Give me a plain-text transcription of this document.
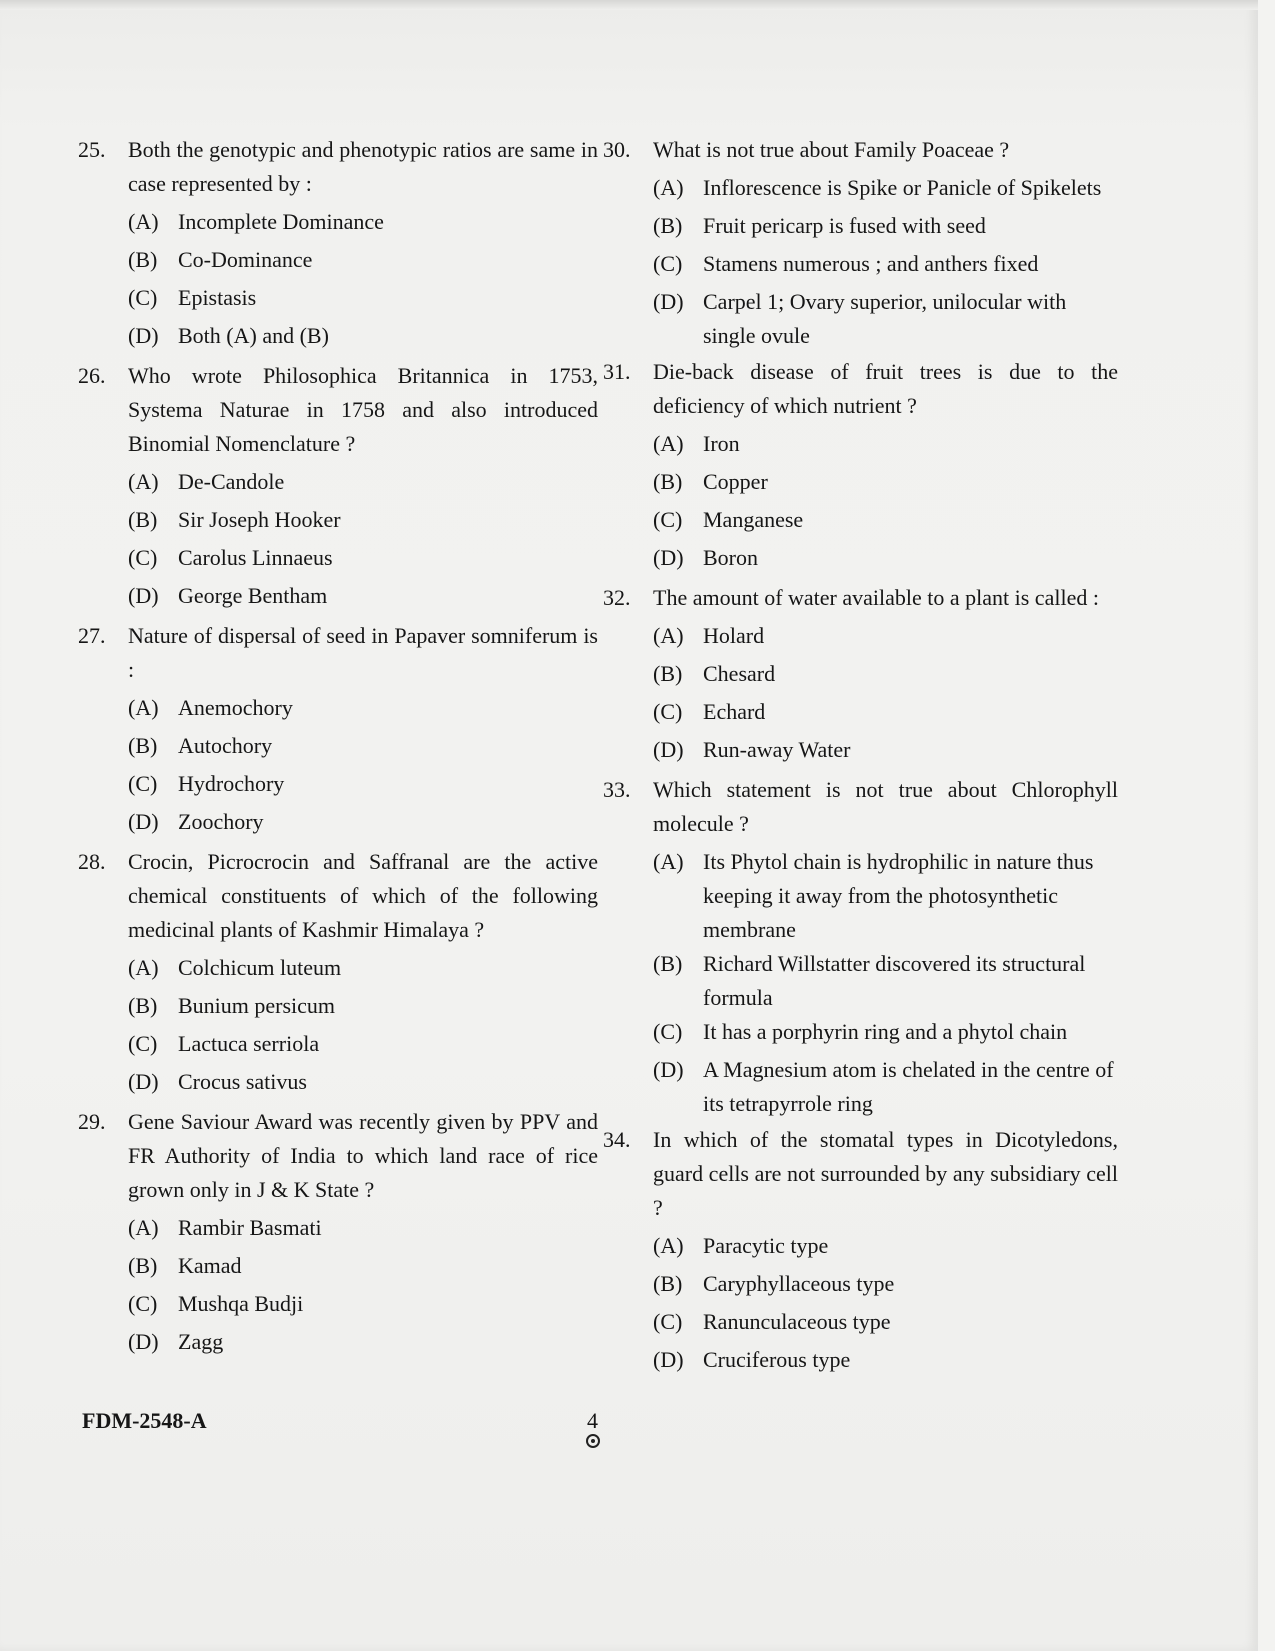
25. Both the genotypic and phenotypic ratios are same in case represented by :
(A) Incomplete Dominance
(B) Co-Dominance
(C) Epistasis
(D) Both (A) and (B)
26. Who wrote Philosophica Britannica in 1753, Systema Naturae in 1758 and also introduced Binomial Nomenclature ?
(A) De-Candole
(B) Sir Joseph Hooker
(C) Carolus Linnaeus
(D) George Bentham
27. Nature of dispersal of seed in Papaver somniferum is :
(A) Anemochory
(B) Autochory
(C) Hydrochory
(D) Zoochory
28. Crocin, Picrocrocin and Saffranal are the active chemical constituents of which of the following medicinal plants of Kashmir Himalaya ?
(A) Colchicum luteum
(B) Bunium persicum
(C) Lactuca serriola
(D) Crocus sativus
29. Gene Saviour Award was recently given by PPV and FR Authority of India to which land race of rice grown only in J & K State ?
(A) Rambir Basmati
(B) Kamad
(C) Mushqa Budji
(D) Zagg
30. What is not true about Family Poaceae ?
(A) Inflorescence is Spike or Panicle of Spikelets
(B) Fruit pericarp is fused with seed
(C) Stamens numerous ; and anthers fixed
(D) Carpel 1; Ovary superior, unilocular with single ovule
31. Die-back disease of fruit trees is due to the deficiency of which nutrient ?
(A) Iron
(B) Copper
(C) Manganese
(D) Boron
32. The amount of water available to a plant is called :
(A) Holard
(B) Chesard
(C) Echard
(D) Run-away Water
33. Which statement is not true about Chlorophyll molecule ?
(A) Its Phytol chain is hydrophilic in nature thus keeping it away from the photosynthetic membrane
(B) Richard Willstatter discovered its structural formula
(C) It has a porphyrin ring and a phytol chain
(D) A Magnesium atom is chelated in the centre of its tetrapyrrole ring
34. In which of the stomatal types in Dicotyledons, guard cells are not surrounded by any subsidiary cell ?
(A) Paracytic type
(B) Caryphyllaceous type
(C) Ranunculaceous type
(D) Cruciferous type
FDM-2548-A	4
